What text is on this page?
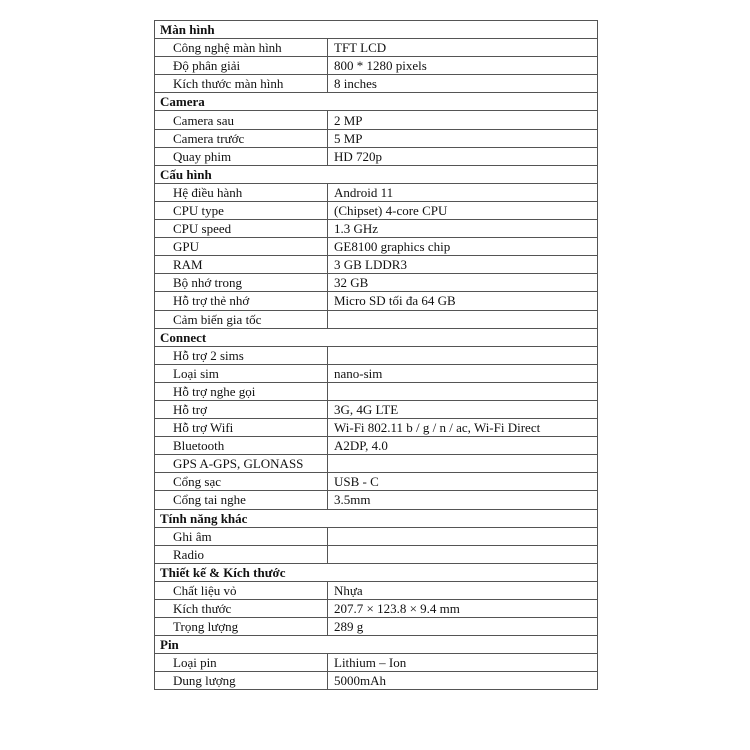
Màn hình	
Công nghệ màn hình	TFT LCD
Độ phân giải	800 * 1280 pixels
Kích thước màn hình	8 inches
Camera	
Camera sau	2 MP
Camera trước	5 MP
Quay phim	HD 720p
Cấu hình	
Hệ điều hành	Android 11
CPU type	(Chipset) 4-core CPU
CPU speed	1.3 GHz
GPU	GE8100 graphics chip
RAM	3 GB LDDR3
Bộ nhớ trong	32 GB
Hỗ trợ thẻ nhớ	Micro SD tối đa 64 GB
Cảm biến gia tốc	
Connect	
Hỗ trợ 2 sims	
Loại sim	nano-sim
Hỗ trợ nghe gọi	
Hỗ trợ	3G, 4G LTE
Hỗ trợ Wifi	Wi-Fi 802.11 b / g / n / ac, Wi-Fi Direct
Bluetooth	A2DP, 4.0
GPS A-GPS, GLONASS	
Cổng sạc	USB - C
Cổng tai nghe	3.5mm
Tính năng khác	
Ghi âm	
Radio	
Thiết kế & Kích thước	
Chất liệu vỏ	Nhựa
Kích thước	207.7 × 123.8 × 9.4 mm
Trọng lượng	289 g
Pin	
Loại pin	Lithium – Ion
Dung lượng	5000mAh
